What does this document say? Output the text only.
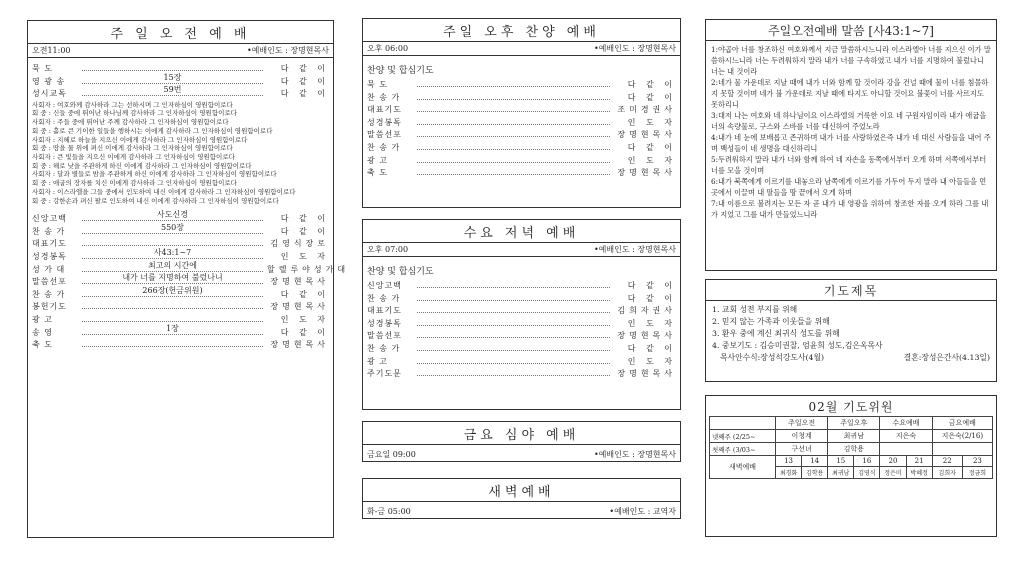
주 일 오 전 예 배
오전11:00	•예배인도 : 장명현목사
묵 도	다 같 이
영 광 송	15장	다 같 이
성시교독	59번	다 같 이
사회자 : 여호와께 감사하라 그는 선하시며 그 인자하심이 영원함이로다
회 중 : 신들 중에 뛰어난 하나님께 감사하라 그 인자하심이 영원함이로다
사회자 : 주들 중에 뛰어난 주께 감사하라 그 인자하심이 영원함이로다
회 중 : 홀로 큰 기이한 일들을 행하시는 이에게 감사하라 그 인자하심이 영원함이로다
사회자 : 지혜로 하늘을 지으신 이에게 감사하라 그 인자하심이 영원함이로다
회 중 : 땅을 물 위에 펴신 이에게 감사하라 그 인자하심이 영원함이로다
사회자 : 큰 빛들을 지으신 이에게 감사하라 그 인자하심이 영원함이로다
회 중 : 해로 낮을 주관하게 하신 이에게 감사하라 그 인자하심이 영원함이로다
사회자 : 달과 별들로 밤을 주관하게 하신 이에게 감사하라 그 인자하심이 영원함이로다
회 중 : 애굽의 장자를 치신 이에게 감사하라 그 인자하심이 영원함이로다
사회자 : 이스라엘을 그들 중에서 인도하여 내신 이에게 감사하라 그 인자하심이 영원함이로다
회 중 : 강한손과 펴신 팔로 인도하여 내신 이에게 감사하라 그 인자하심이 영원함이로다
신앙고백	사도신경	다 같 이
찬 송 가	550장	다 같 이
대표기도	김영식장로
성경봉독	사43:1~7	인 도 자
성 가 대	최고의 시간에	할렐루야성가대
말씀선포	내가 너를 지명하여 불렀나니	장명현목사
찬 송 가	266장(헌금위원)	다 같 이
봉헌기도	장명현목사
광 고	인 도 자
송 영	1장	다 같 이
축 도	장명현목사
주일 오후 찬양 예배
오후 06:00	•예배인도 : 장명현목사
찬양 및 합심기도
묵 도	다 같 이
찬 송 가	다 같 이
대표기도	조미경권사
성경봉독	인 도 자
말씀선포	장명현목사
찬 송 가	다 같 이
광 고	인 도 자
축 도	장명현목사
수요 저녁 예배
오후 07:00	•예배인도 : 장명현목사
찬양 및 합심기도
신앙고백	다 같 이
찬 송 가	다 같 이
대표기도	김희자권사
성경봉독	인 도 자
말씀선포	장명현목사
찬 송 가	다 같 이
광 고	인 도 자
주기도문	장명현목사
금요 심야 예배
금요일 09:00	•예배인도 : 장명현목사
새벽예배
화-금 05:00	•예배인도 : 교역자
주일오전예배 말씀 [사43:1~7]
1:야곱아 너를 창조하신 여호와께서 지금 말씀하시느니라 이스라엘아 너를 지으신 이가 말씀하시느니라 너는 두려워하지 말라 내가 너를 구속하였고 내가 너를 지명하여 불렀나니 너는 내 것이라
2:네가 물 가운데로 지날 때에 내가 너와 함께 할 것이라 강을 건널 때에 물이 너를 침몰하지 못할 것이며 네가 불 가운데로 지날 때에 타지도 아니할 것이요 불꽃이 너를 사르지도 못하리니
3:대저 나는 여호와 네 하나님이요 이스라엘의 거룩한 이요 네 구원자임이라 내가 애굽을 너의 속량물로, 구스와 스바를 너를 대신하여 주었노라
4:내가 네 눈에 보배롭고 존귀하며 내가 너를 사랑하였은즉 내가 네 대신 사람들을 내어 주며 백성들이 네 생명을 대신하리니
5:두려워하지 말라 내가 너와 함께 하여 네 자손을 동쪽에서부터 오게 하며 서쪽에서부터 너를 모을 것이며
6:내가 북쪽에게 이르기를 내놓으라 남쪽에게 이르기를 가두어 두지 말라 내 아들들을 먼 곳에서 이끌며 내 딸들을 땅 끝에서 오게 하며
7:내 이름으로 불려지는 모든 자 곧 내가 내 영광을 위하여 창조한 자를 오게 하라 그를 내가 지었고 그를 내가 만들었느니라
기도제목
1. 교회 성전 부지를 위해
2. 믿지 않는 가족과 이웃들을 위해
3. 환우 중에 계신 최귀식 성도를 위해
4. 중보기도 : 김승미권찰, 엄윤희 성도,김은옥목사
목사안수식:장성석강도사(4월)	결혼:장성은간사(4.13일)
02월 기도위원
	주일오전		주일오후		수요예배		금요예배	
넷째주 (2/25~	이청계		최귀남		지은숙		지은숙(2/16)	
첫째주 (3/03~	구선녀		김학용					
새벽예배	13	14	15	16	20	21	22	23
	최경화	김학용	최귀남	김영식	정은미	박혜정	김희자	정금희
